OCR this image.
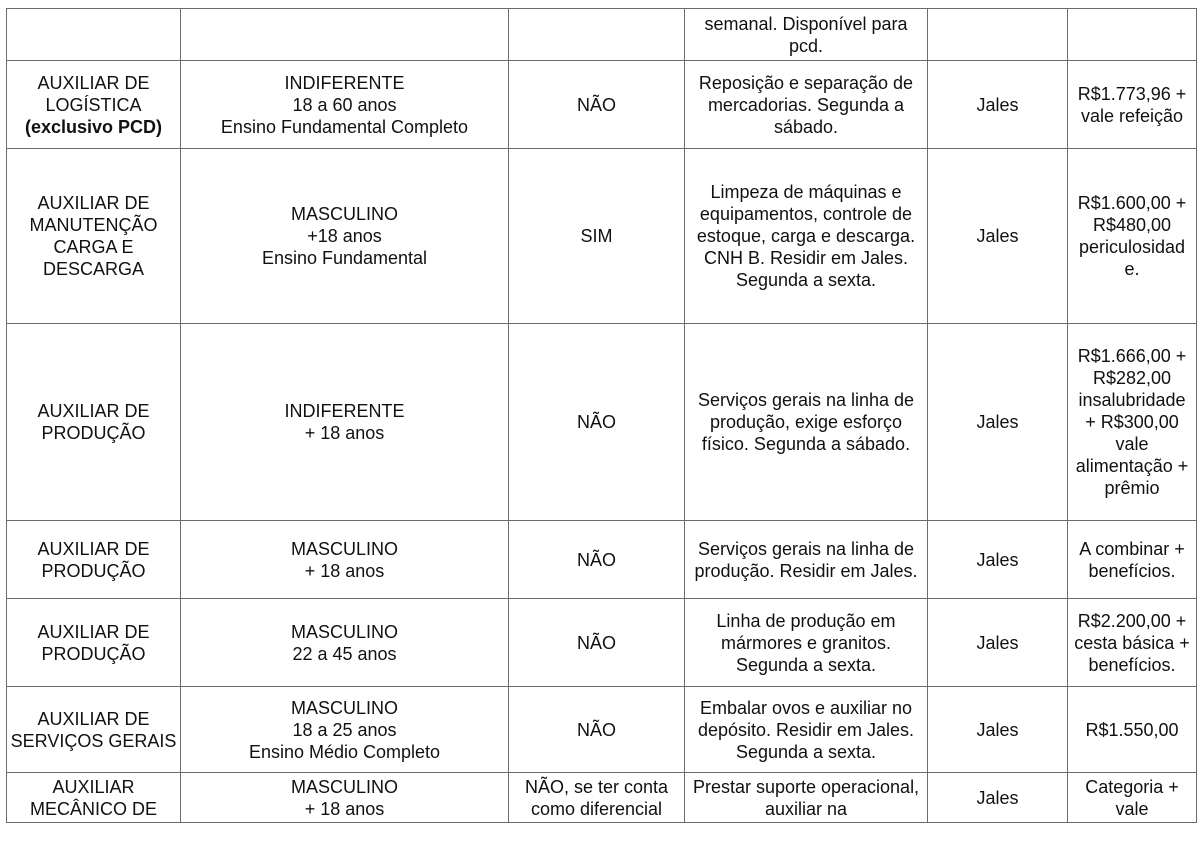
			semanal. Disponível para pcd.		

AUXILIAR DE
LOGÍSTICA
(exclusivo PCD)	INDIFERENTE
18 a 60 anos
Ensino Fundamental Completo	NÃO	Reposição e separação de mercadorias. Segunda a sábado.	Jales	R$1.773,96 + vale refeição

AUXILIAR DE
MANUTENÇÃO
CARGA E
DESCARGA	MASCULINO
+18 anos
Ensino Fundamental	SIM	Limpeza de máquinas e equipamentos, controle de estoque, carga e descarga. CNH B. Residir em Jales. Segunda a sexta.	Jales	R$1.600,00 + R$480,00 periculosidad e.

AUXILIAR DE
PRODUÇÃO	INDIFERENTE
+ 18 anos	NÃO	Serviços gerais na linha de produção, exige esforço físico. Segunda a sábado.	Jales	R$1.666,00 + R$282,00 insalubridade + R$300,00 vale alimentação + prêmio

AUXILIAR DE
PRODUÇÃO	MASCULINO
+ 18 anos	NÃO	Serviços gerais na linha de produção. Residir em Jales.	Jales	A combinar + benefícios.

AUXILIAR DE
PRODUÇÃO	MASCULINO
22 a 45 anos	NÃO	Linha de produção em mármores e granitos. Segunda a sexta.	Jales	R$2.200,00 + cesta básica + benefícios.

AUXILIAR DE
SERVIÇOS GERAIS	MASCULINO
18 a 25 anos
Ensino Médio Completo	NÃO	Embalar ovos e auxiliar no depósito. Residir em Jales. Segunda a sexta.	Jales	R$1.550,00

AUXILIAR
MECÂNICO DE	MASCULINO
+ 18 anos	NÃO, se ter conta como diferencial	Prestar suporte operacional, auxiliar na	Jales	Categoria + vale
